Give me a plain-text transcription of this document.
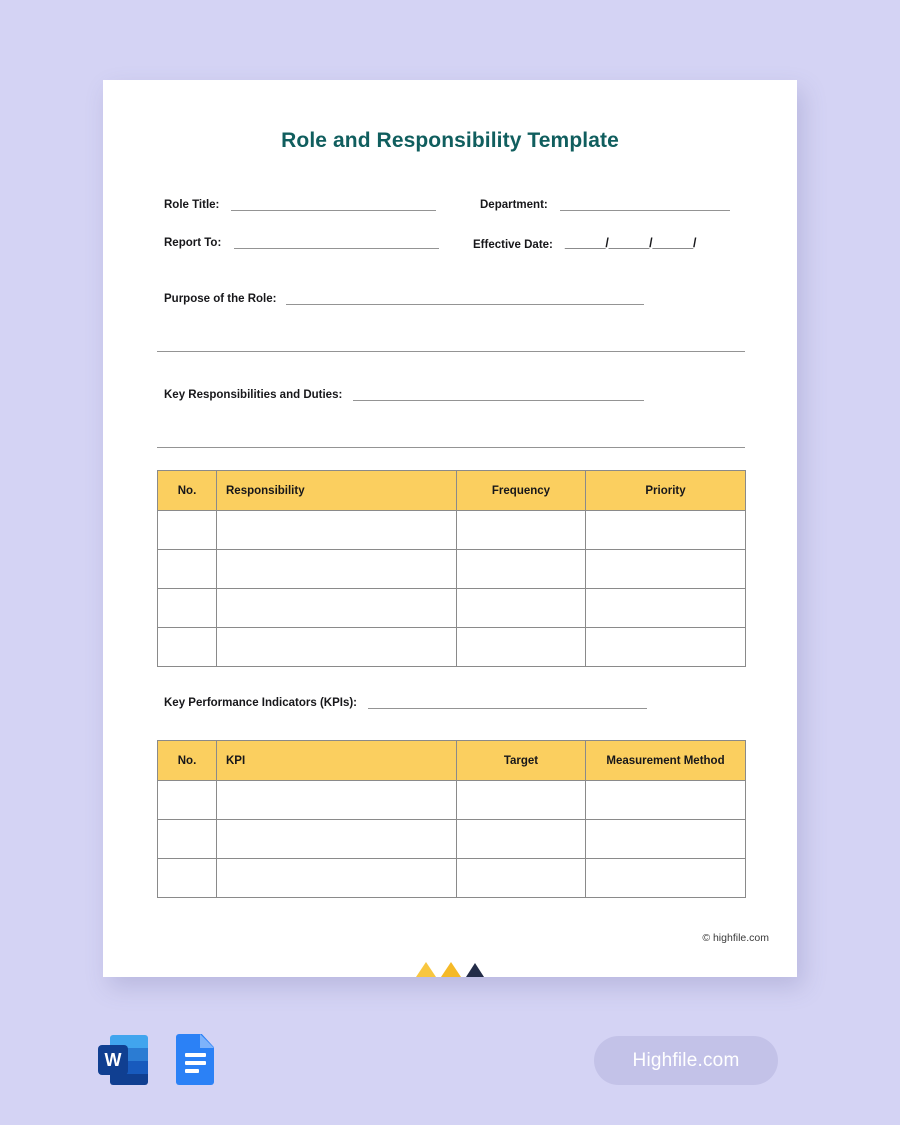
Role and Responsibility Template
Role Title:	Department:
Report To:	Effective Date: ______/______/______/
Purpose of the Role:
Key Responsibilities and Duties:
No.	Responsibility	Frequency	Priority

Key Performance Indicators (KPIs):
No.	KPI	Target	Measurement Method

© highfile.com
W	Highfile.com
